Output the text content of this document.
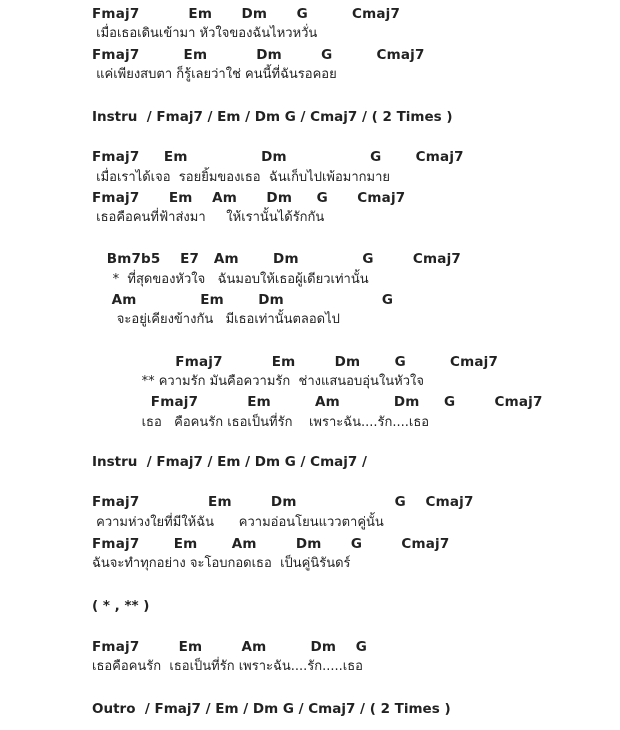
Fmaj7          Em      Dm      G         Cmaj7
เมื่อเธอเดินเข้ามา หัวใจของฉันไหวหวั่น
Fmaj7         Em          Dm        G         Cmaj7
แค่เพียงสบตา ก็รู้เลยว่าใช่ คนนี้ที่ฉันรอคอย
Instru  / Fmaj7 / Em / Dm G / Cmaj7 / ( 2 Times )
Fmaj7     Em               Dm                 G       Cmaj7
เมื่อเราได้เจอ  รอยยิ้มของเธอ  ฉันเก็บไปเพ้อมากมาย
Fmaj7      Em    Am      Dm     G      Cmaj7
เธอคือคนที่ฟ้าส่งมา     ให้เรานั้นได้รักกัน
Bm7b5    E7   Am       Dm             G        Cmaj7
*  ที่สุดของหัวใจ   ฉันมอบให้เธอผู้เดียวเท่านั้น
Am             Em       Dm                    G
จะอยู่เคียงข้างกัน   มีเธอเท่านั้นตลอดไป
Fmaj7          Em        Dm       G         Cmaj7
** ความรัก มันคือความรัก  ช่างแสนอบอุ่นในหัวใจ
Fmaj7          Em         Am           Dm     G        Cmaj7
เธอ   คือคนรัก เธอเป็นที่รัก    เพราะฉัน....รัก....เธอ
Instru  / Fmaj7 / Em / Dm G / Cmaj7 /
Fmaj7              Em        Dm                    G    Cmaj7
ความห่วงใยที่มีให้ฉัน      ความอ่อนโยนแววตาคู่นั้น
Fmaj7       Em       Am        Dm      G        Cmaj7
ฉันจะทำทุกอย่าง จะโอบกอดเธอ  เป็นคู่นิรันดร์
( * , ** )
Fmaj7        Em        Am         Dm    G
เธอคือคนรัก  เธอเป็นที่รัก เพราะฉัน....รัก.....เธอ
Outro  / Fmaj7 / Em / Dm G / Cmaj7 / ( 2 Times )
